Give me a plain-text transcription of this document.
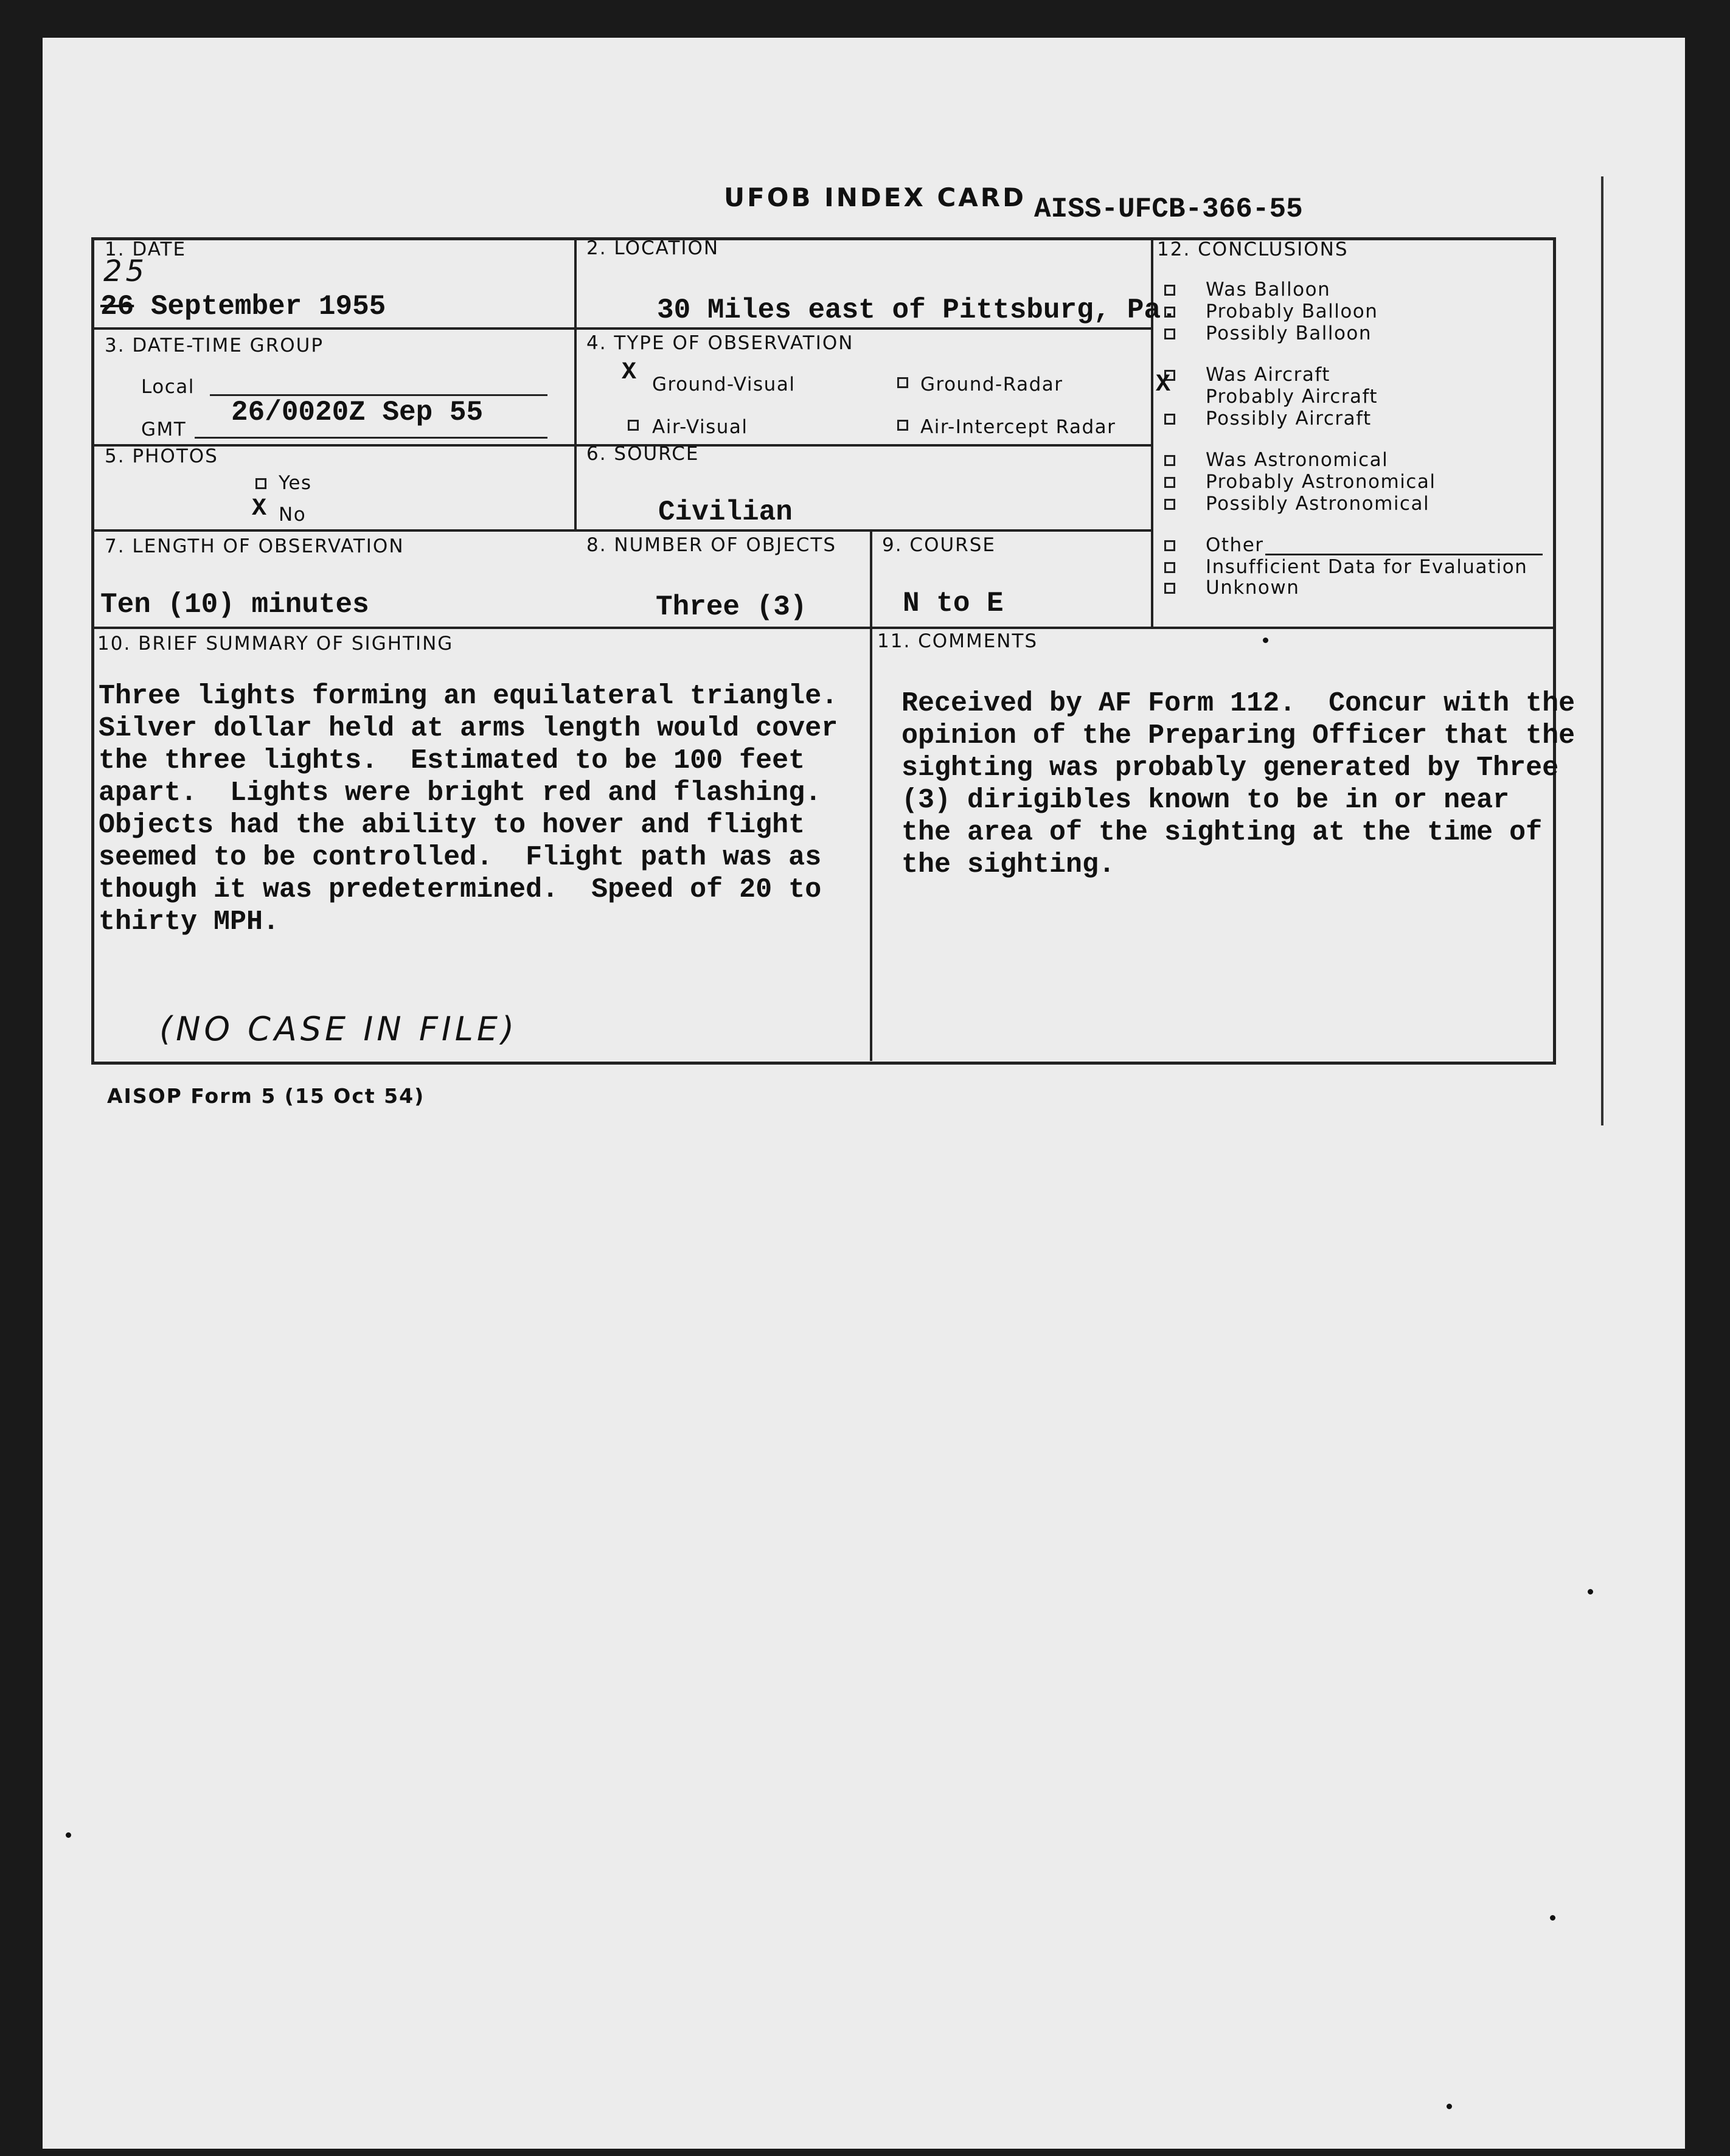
UFOB INDEX CARD AISS-UFCB-366-55
1. DATE
25
26 September 1955
2. LOCATION
30 Miles east of Pittsburg, Pa.
3. DATE-TIME GROUP
Local
GMT
26/0020Z Sep 55
4. TYPE OF OBSERVATION
X Ground-Visual	Ground-Radar
Air-Visual	Air-Intercept Radar
5. PHOTOS
Yes
X No
6. SOURCE
Civilian
7. LENGTH OF OBSERVATION
Ten (10) minutes
8. NUMBER OF OBJECTS
Three (3)
9. COURSE
N to E
10. BRIEF SUMMARY OF SIGHTING
Three lights forming an equilateral triangle.
Silver dollar held at arms length would cover
the three lights.  Estimated to be 100 feet
apart.  Lights were bright red and flashing.
Objects had the ability to hover and flight
seemed to be controlled.  Flight path was as
though it was predetermined.  Speed of 20 to
thirty MPH.
(NO CASE IN FILE)
11. COMMENTS
Received by AF Form 112.  Concur with the
opinion of the Preparing Officer that the
sighting was probably generated by Three
(3) dirigibles known to be in or near
the area of the sighting at the time of
the sighting.
12. CONCLUSIONS
Was Balloon
Probably Balloon
Possibly Balloon
Was Aircraft
X Probably Aircraft
Possibly Aircraft
Was Astronomical
Probably Astronomical
Possibly Astronomical
Other
Insufficient Data for Evaluation
Unknown
AISOP Form 5 (15 Oct 54)
